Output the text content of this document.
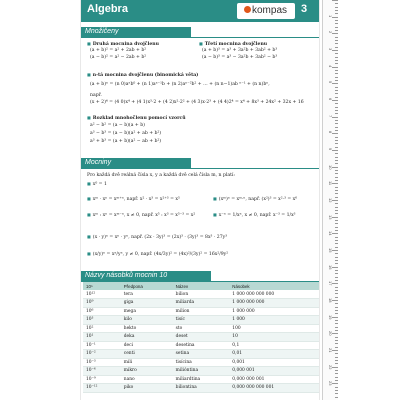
Algebra	kompas	3
Množičeny
■ Druhá mocnina dvojčlenu
(a + b)² = a² + 2ab + b²
(a − b)² = a² − 2ab + b²
■ Třetí mocnina dvojčlenu
(a + b)³ = a³ + 3a²b + 3ab² + b³
(a − b)³ = a³ − 3a²b + 3ab² − b³
■ n-tá mocnina dvojčlenu (binomická věta)
(a + b)ⁿ = (n 0)aⁿb⁰ + (n 1)aⁿ⁻¹b + (n 2)aⁿ⁻²b² + … + (n n−1)ab ⁿ⁻¹ + (n n)bⁿ,
např.
(x + 2)⁴ = (4 0)x⁴ + (4 1)x³·2 + (4 2)x²·2² + (4 3)x·2³ + (4 4)2⁴ = x⁴ + 8x³ + 24x² + 32x + 16
■ Rozklad mnohočlenu pomocí vzorců
a² − b² = (a − b)(a + b)
a³ − b³ = (a − b)(a² + ab + b²)
a³ + b³ = (a + b)(a² − ab + b²)
Mocniny
Pro každá dvě reálná čísla x, y a každá dvě celá čísla m, n platí:
■ x⁰ = 1
■ xᵐ · xⁿ = xᵐ⁺ⁿ, např. x² · x³ = x²⁺³ = x⁵	■ (xᵐ)ⁿ = xᵐ·ⁿ, např. (x²)³ = x²·³ = x⁶
■ xᵐ : xⁿ = xᵐ⁻ⁿ, x ≠ 0, např. x⁵ : x³ = x⁵⁻³ = x²	■ x⁻ⁿ = 1/xⁿ, x ≠ 0, např. x⁻³ = 1/x³
■ (x · y)ⁿ = xⁿ · yⁿ, např. (2x · 3y)³ = (2x)³ · (3y)³ = 8x³ · 27y³
■ (x/y)ⁿ = xⁿ/yⁿ, y ≠ 0, např. (4x/3y)² = (4x)²/(3y)² = 16x²/9y²
Názvy násobků mocnin 10
10ⁿ	Předpona	Název	Násobek
10¹²	tera	bilion	1 000 000 000 000
10⁹	giga	miliarda	1 000 000 000
10⁶	mega	milion	1 000 000
10³	kilo	tisíc	1 000
10²	hekto	sto	100
10¹	deka	deset	10
10⁻¹	deci	desetina	0,1
10⁻²	centi	setina	0,01
10⁻³	mili	tisícina	0,001
10⁻⁶	mikro	milióntina	0,000 001
10⁻⁹	nano	miliardtina	0,000 000 001
10⁻¹²	piko	biliontina	0,000 000 000 001
1
2
3
4
5
6
7
8
9
10
11
12
13
14
15
16
17
18
19
20
21
22
23
